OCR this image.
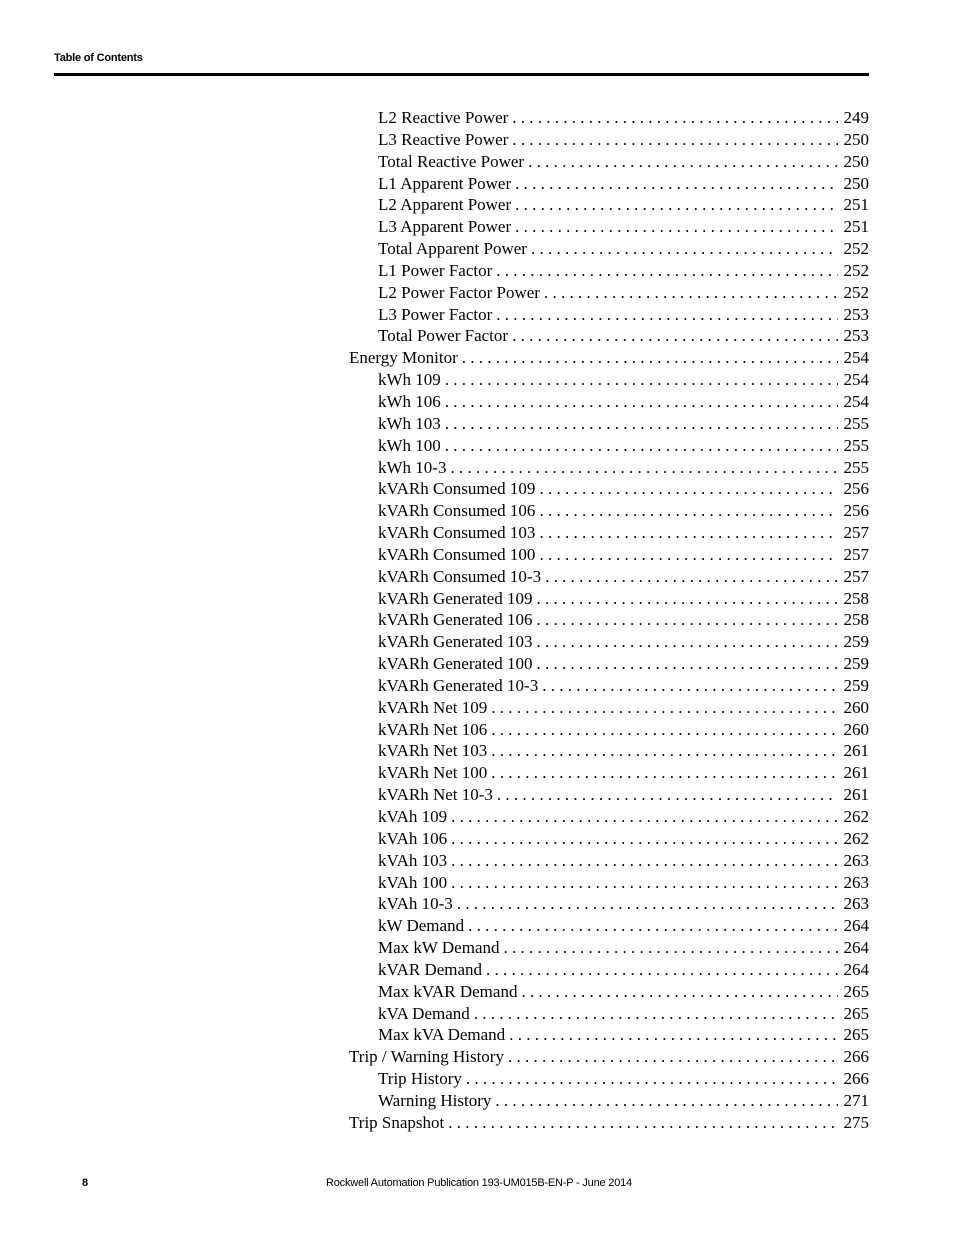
Table of Contents
L2 Reactive Power . . .	249
L3 Reactive Power . . .	250
Total Reactive Power . . .	250
L1 Apparent Power . . .	250
L2 Apparent Power . . .	251
L3 Apparent Power . . .	251
Total Apparent Power . . .	252
L1 Power Factor . . .	252
L2 Power Factor Power . . .	252
L3 Power Factor . . .	253
Total Power Factor . . .	253
Energy Monitor . . .	254
kWh 109 . . .	254
kWh 106 . . .	254
kWh 103 . . .	255
kWh 100 . . .	255
kWh 10-3 . . .	255
kVARh Consumed 109 . . .	256
kVARh Consumed 106 . . .	256
kVARh Consumed 103 . . .	257
kVARh Consumed 100 . . .	257
kVARh Consumed 10-3 . . .	257
kVARh Generated 109 . . .	258
kVARh Generated 106 . . .	258
kVARh Generated 103 . . .	259
kVARh Generated 100 . . .	259
kVARh Generated 10-3 . . .	259
kVARh Net 109 . . .	260
kVARh Net 106 . . .	260
kVARh Net 103 . . .	261
kVARh Net 100 . . .	261
kVARh Net 10-3 . . .	261
kVAh 109 . . .	262
kVAh 106 . . .	262
kVAh 103 . . .	263
kVAh 100 . . .	263
kVAh 10-3 . . .	263
kW Demand . . .	264
Max kW Demand . . .	264
kVAR Demand . . .	264
Max kVAR Demand . . .	265
kVA Demand . . .	265
Max kVA Demand . . .	265
Trip / Warning History . . .	266
Trip History . . .	266
Warning History . . .	271
Trip Snapshot . . .	275
8	Rockwell Automation Publication 193-UM015B-EN-P - June 2014
